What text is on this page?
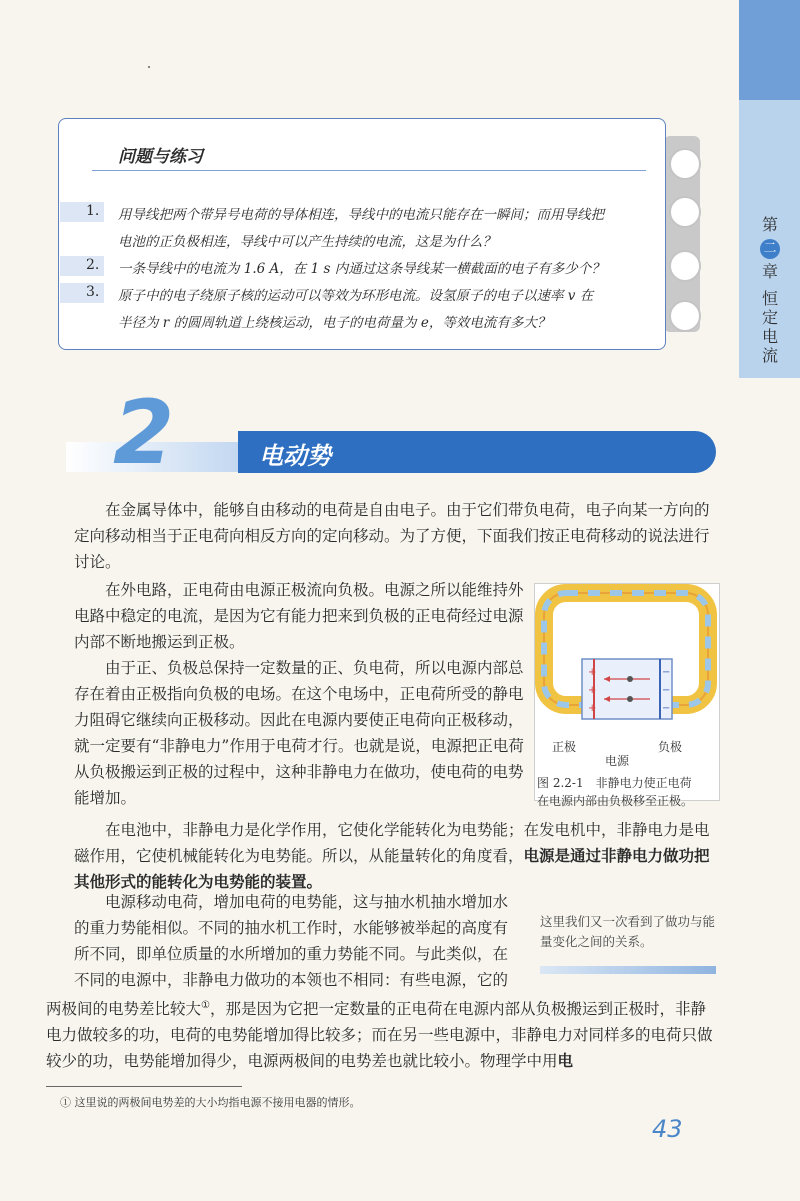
第
二
章
恒定电流
问题与练习
1. 用导线把两个带异号电荷的导体相连，导线中的电流只能存在一瞬间；而用导线把
电池的正负极相连，导线中可以产生持续的电流，这是为什么？
2. 一条导线中的电流为 1.6 A，在 1 s 内通过这条导线某一横截面的电子有多少个？
3. 原子中的电子绕原子核的运动可以等效为环形电流。设氢原子的电子以速率 v 在
半径为 r 的圆周轨道上绕核运动，电子的电荷量为 e，等效电流有多大？
2	电动势

在金属导体中，能够自由移动的电荷是自由电子。由于它们带负电荷，电子向某一方向的定向移动相当于正电荷向相反方向的定向移动。为了方便，下面我们按正电荷移动的说法进行讨论。

在外电路，正电荷由电源正极流向负极。电源之所以能维持外电路中稳定的电流，是因为它有能力把来到负极的正电荷经过电源内部不断地搬运到正极。

由于正、负极总保持一定数量的正、负电荷，所以电源内部总存在着由正极指向负极的电场。在这个电场中，正电荷所受的静电力阻碍它继续向正极移动。因此在电源内要使正电荷向正极移动，就一定要有“非静电力”作用于电荷才行。也就是说，电源把正电荷从负极搬运到正极的过程中，这种非静电力在做功，使电荷的电势能增加。

在电池中，非静电力是化学作用，它使化学能转化为电势能；在发电机中，非静电力是电磁作用，它使机械能转化为电势能。所以，从能量转化的角度看，电源是通过非静电力做功把其他形式的能转化为电势能的装置。

电源移动电荷，增加电荷的电势能，这与抽水机抽水增加水的重力势能相似。不同的抽水机工作时，水能够被举起的高度有所不同，即单位质量的水所增加的重力势能不同。与此类似，在不同的电源中，非静电力做功的本领也不相同：有些电源，它的

两极间的电势差比较大①，那是因为它把一定数量的正电荷在电源内部从负极搬运到正极时，非静电力做较多的功，电荷的电势能增加得比较多；而在另一些电源中，非静电力对同样多的电荷只做较少的功，电势能增加得少，电源两极间的电势差也就比较小。物理学中用电

+
+
+
−
−
−
正极	负极
电源
图 2.2-1　非静电力使正电荷
在电源内部由负极移至正极。
这里我们又一次看到了做功与能量变化之间的关系。
① 这里说的两极间电势差的大小均指电源不接用电器的情形。
43
